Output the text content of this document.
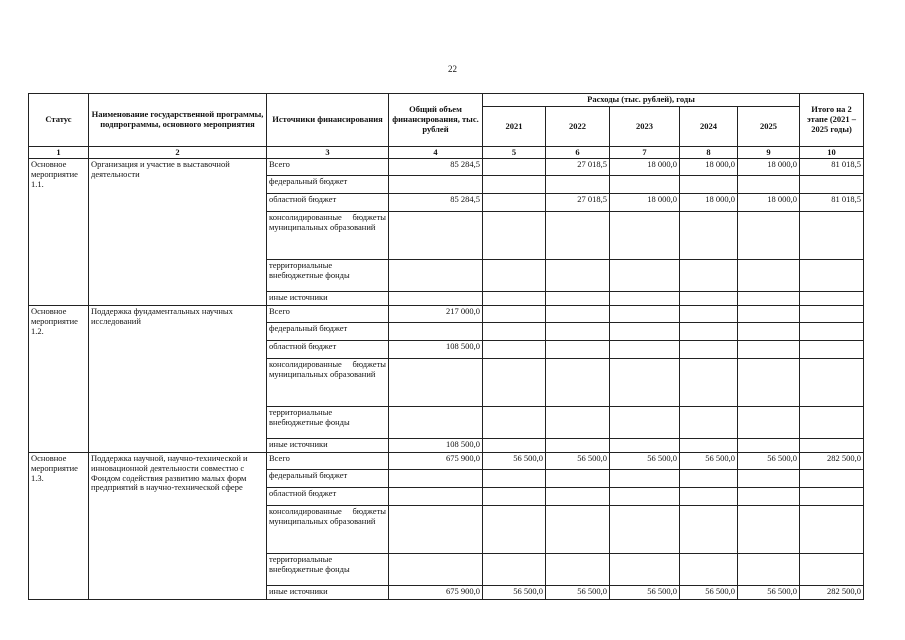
22
Статус	Наименование государственной программы, подпрограммы, основного мероприятия	Источники финансирования	Общий объем финансирования, тыс. рублей	Расходы (тыс. рублей), годы					Итого на 2 этапе (2021 – 2025 годы)
				2021	2022	2023	2024	2025	
1	2	3	4	5	6	7	8	9	10
Основное мероприятие 1.1.	Организация и участие в выставочной деятельности	Всего	85 284,5		27 018,5	18 000,0	18 000,0	18 000,0	81 018,5
		федеральный бюджет							
		областной бюджет	85 284,5		27 018,5	18 000,0	18 000,0	18 000,0	81 018,5

		консолидированные бюджеты муниципальных образований							

		территориальные внебюджетные фонды							
		иные источники							
Основное мероприятие 1.2.	Поддержка фундаментальных научных исследований	Всего	217 000,0						
		федеральный бюджет							
		областной бюджет	108 500,0						

		консолидированные бюджеты муниципальных образований							

		территориальные внебюджетные фонды							
		иные источники	108 500,0						
Основное мероприятие 1.3.	Поддержка научной, научно-технической и инновационной деятельности совместно с Фондом содействия развитию малых форм предприятий в научно-технической сфере	Всего	675 900,0	56 500,0	56 500,0	56 500,0	56 500,0	56 500,0	282 500,0
		федеральный бюджет							
		областной бюджет							

		консолидированные бюджеты муниципальных образований							

		территориальные внебюджетные фонды							
		иные источники	675 900,0	56 500,0	56 500,0	56 500,0	56 500,0	56 500,0	282 500,0
